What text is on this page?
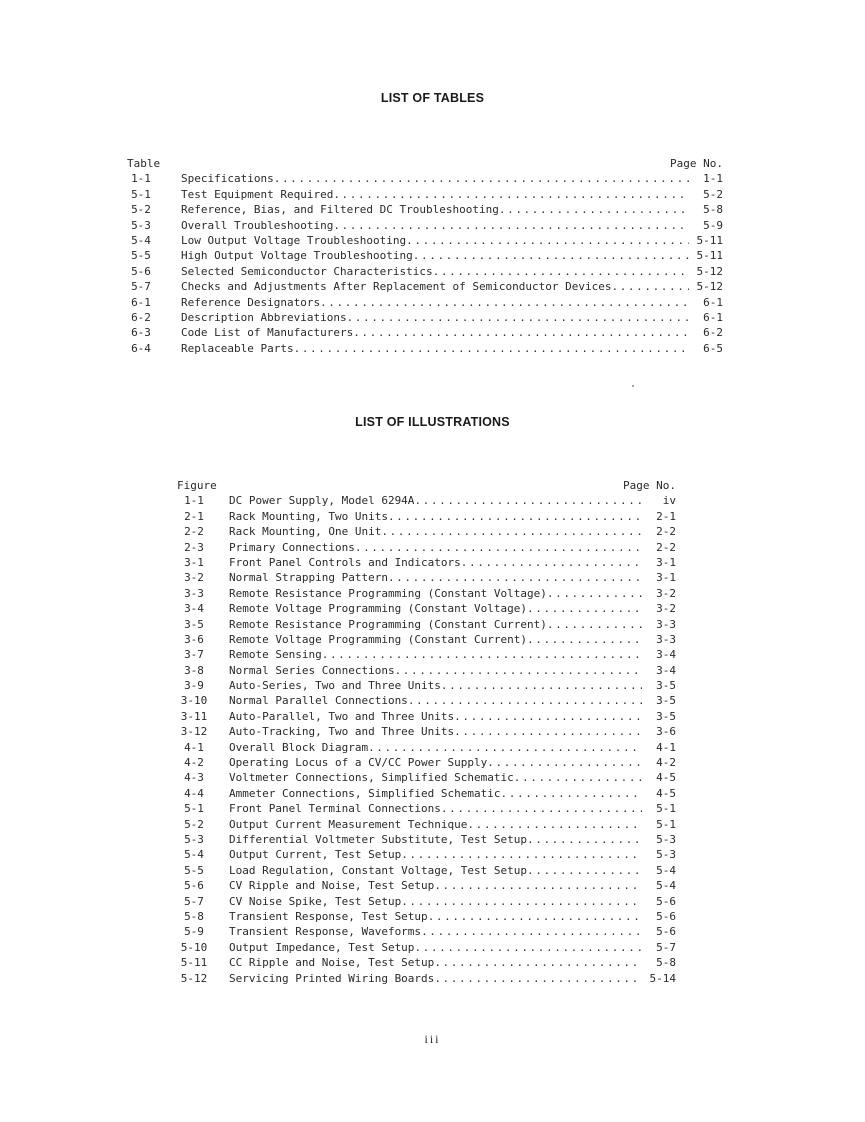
LIST OF TABLES
Table	Page No.
1-1	Specifications .....	1-1
5-1	Test Equipment Required .....	5-2
5-2	Reference, Bias, and Filtered DC Troubleshooting .....	5-8
5-3	Overall Troubleshooting .....	5-9
5-4	Low Output Voltage Troubleshooting .....	5-11
5-5	High Output Voltage Troubleshooting .....	5-11
5-6	Selected Semiconductor Characteristics .....	5-12
5-7	Checks and Adjustments After Replacement of Semiconductor Devices .....	5-12
6-1	Reference Designators .....	6-1
6-2	Description Abbreviations .....	6-1
6-3	Code List of Manufacturers .....	6-2
6-4	Replaceable Parts .....	6-5
LIST OF ILLUSTRATIONS
Figure	Page No.
1-1	DC Power Supply, Model 6294A .....	iv
2-1	Rack Mounting, Two Units .....	2-1
2-2	Rack Mounting, One Unit .....	2-2
2-3	Primary Connections .....	2-2
3-1	Front Panel Controls and Indicators .....	3-1
3-2	Normal Strapping Pattern .....	3-1
3-3	Remote Resistance Programming (Constant Voltage) .....	3-2
3-4	Remote Voltage Programming (Constant Voltage) .....	3-2
3-5	Remote Resistance Programming (Constant Current) .....	3-3
3-6	Remote Voltage Programming (Constant Current) .....	3-3
3-7	Remote Sensing .....	3-4
3-8	Normal Series Connections .....	3-4
3-9	Auto-Series, Two and Three Units .....	3-5
3-10	Normal Parallel Connections .....	3-5
3-11	Auto-Parallel, Two and Three Units .....	3-5
3-12	Auto-Tracking, Two and Three Units .....	3-6
4-1	Overall Block Diagram .....	4-1
4-2	Operating Locus of a CV/CC Power Supply .....	4-2
4-3	Voltmeter Connections, Simplified Schematic .....	4-5
4-4	Ammeter Connections, Simplified Schematic .....	4-5
5-1	Front Panel Terminal Connections .....	5-1
5-2	Output Current Measurement Technique .....	5-1
5-3	Differential Voltmeter Substitute, Test Setup .....	5-3
5-4	Output Current, Test Setup .....	5-3
5-5	Load Regulation, Constant Voltage, Test Setup .....	5-4
5-6	CV Ripple and Noise, Test Setup .....	5-4
5-7	CV Noise Spike, Test Setup .....	5-6
5-8	Transient Response, Test Setup .....	5-6
5-9	Transient Response, Waveforms .....	5-6
5-10	Output Impedance, Test Setup .....	5-7
5-11	CC Ripple and Noise, Test Setup .....	5-8
5-12	Servicing Printed Wiring Boards .....	5-14
iii
